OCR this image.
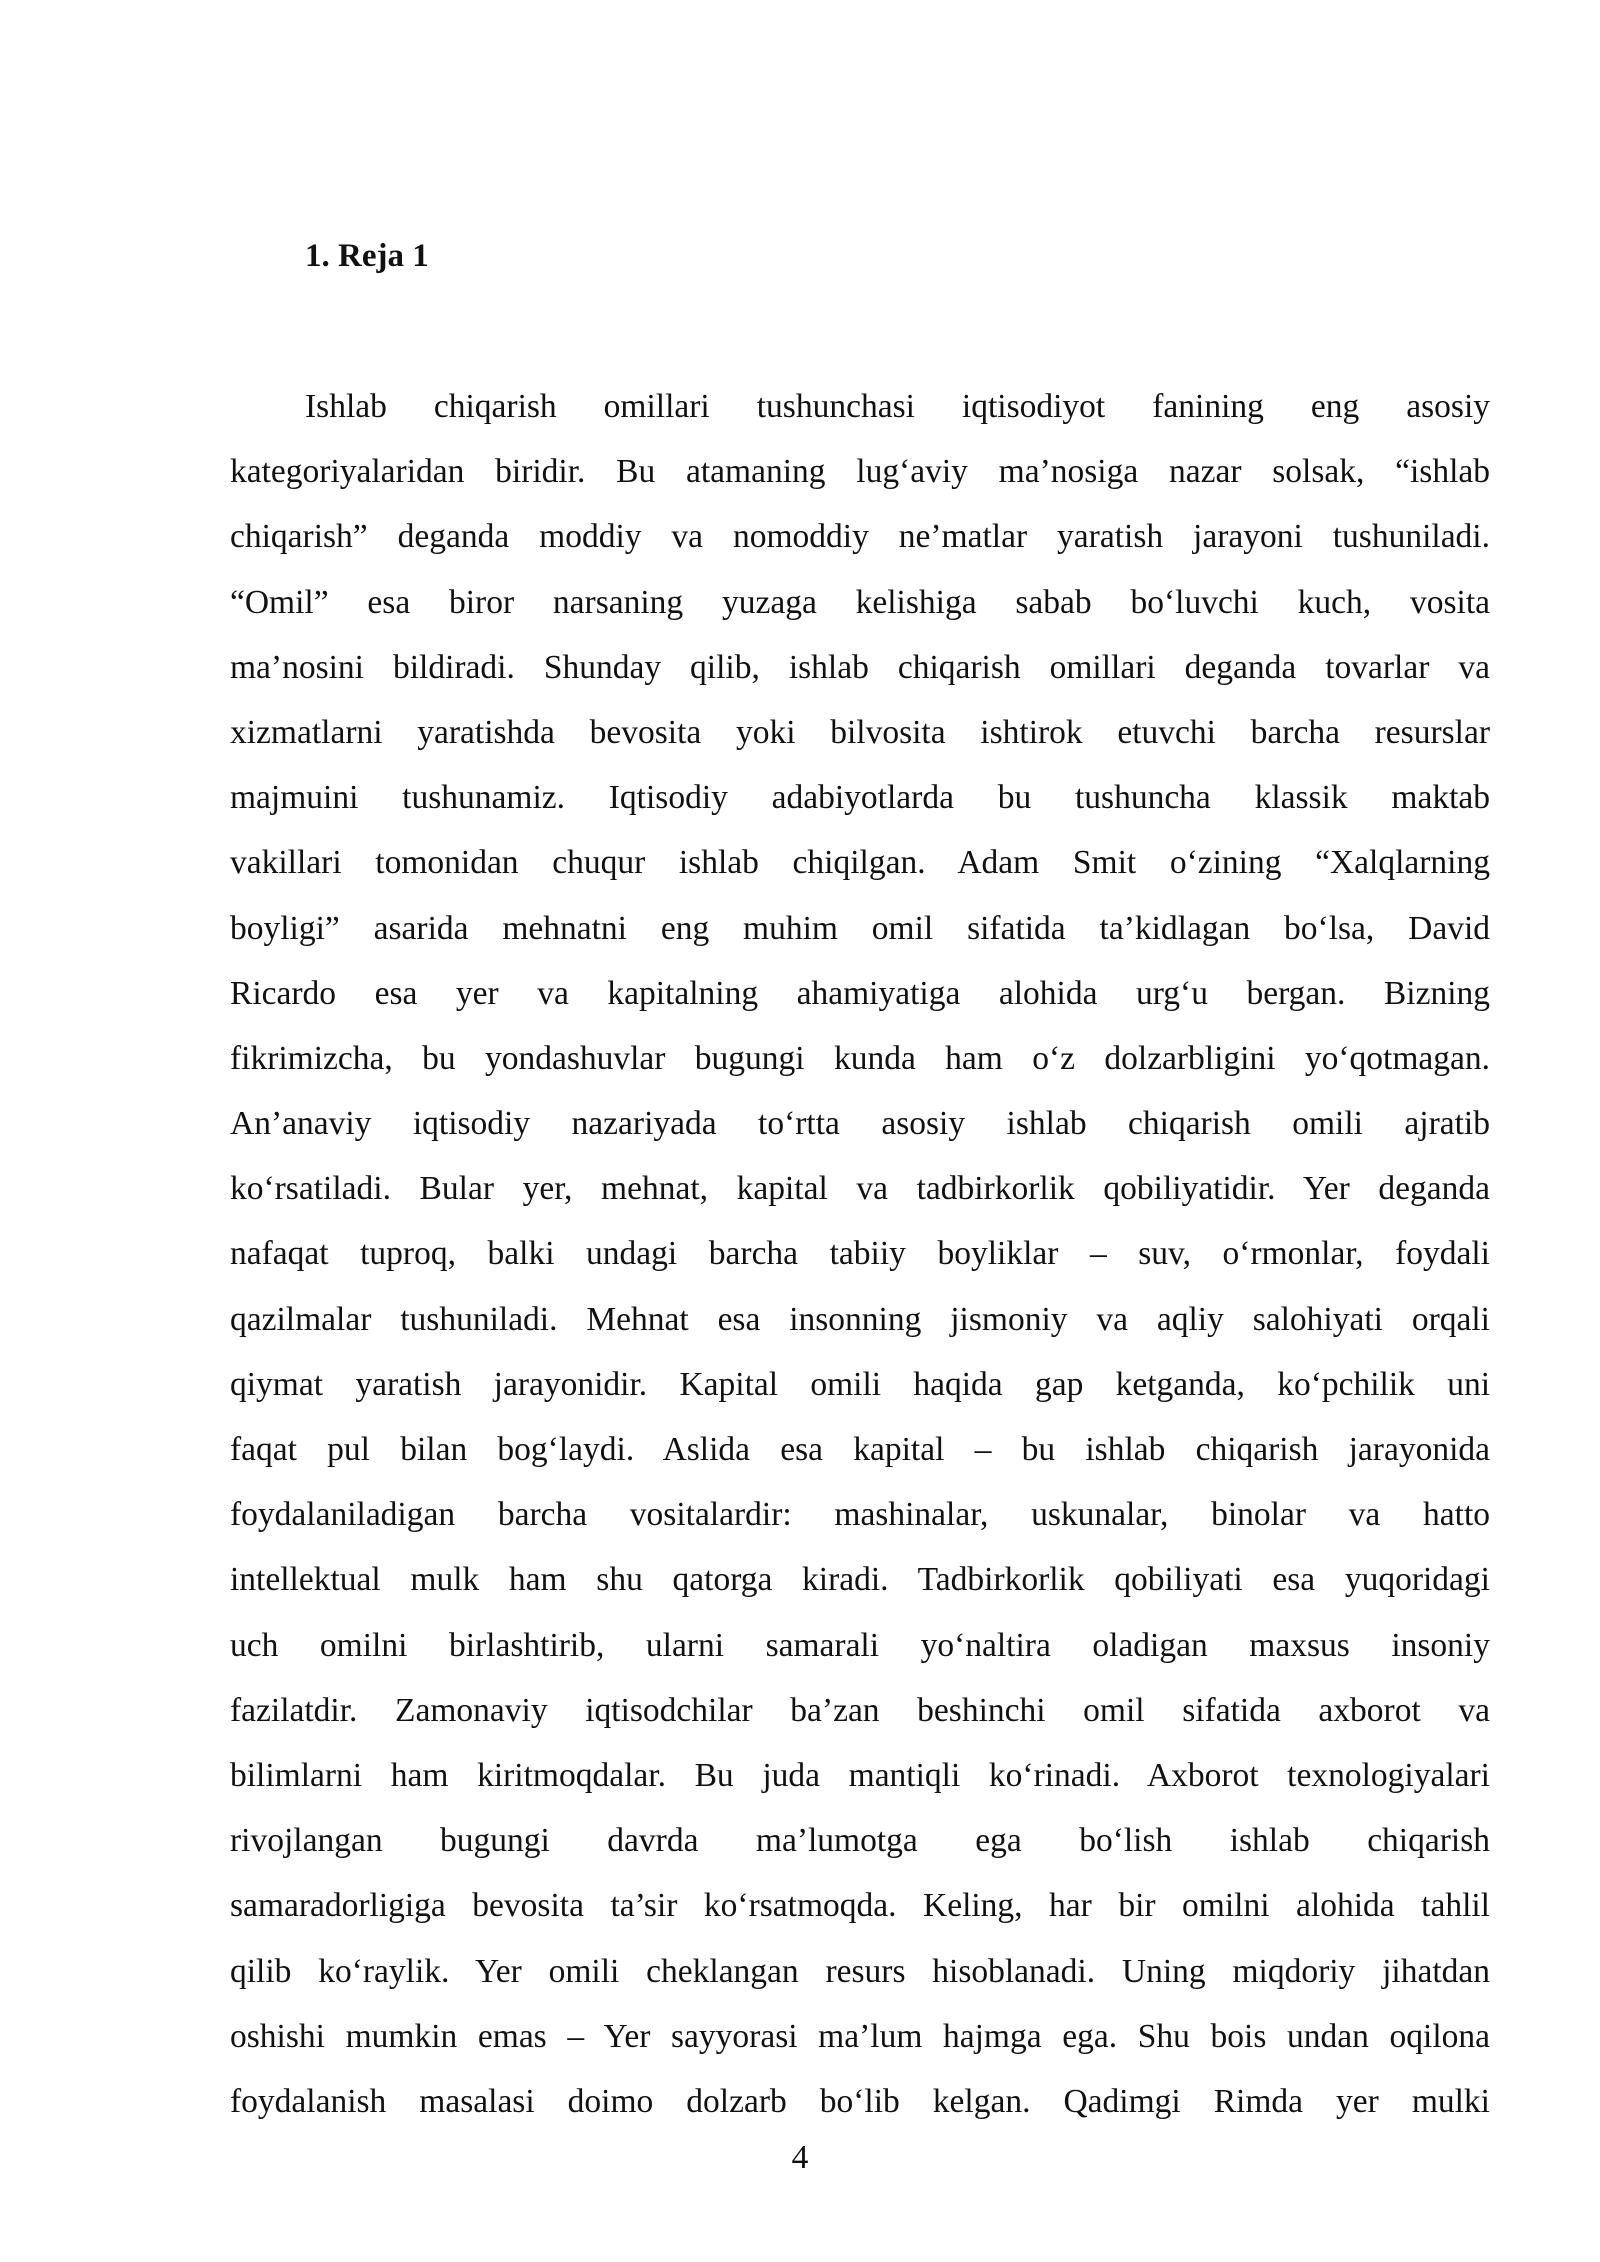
1. Reja 1
Ishlab chiqarish omillari tushunchasi iqtisodiyot fanining eng asosiy
kategoriyalaridan biridir. Bu atamaning lug‘aviy ma’nosiga nazar solsak, “ishlab
chiqarish” deganda moddiy va nomoddiy ne’matlar yaratish jarayoni tushuniladi.
“Omil” esa biror narsaning yuzaga kelishiga sabab bo‘luvchi kuch, vosita
ma’nosini bildiradi. Shunday qilib, ishlab chiqarish omillari deganda tovarlar va
xizmatlarni yaratishda bevosita yoki bilvosita ishtirok etuvchi barcha resurslar
majmuini tushunamiz. Iqtisodiy adabiyotlarda bu tushuncha klassik maktab
vakillari tomonidan chuqur ishlab chiqilgan. Adam Smit o‘zining “Xalqlarning
boyligi” asarida mehnatni eng muhim omil sifatida ta’kidlagan bo‘lsa, David
Ricardo esa yer va kapitalning ahamiyatiga alohida urg‘u bergan. Bizning
fikrimizcha, bu yondashuvlar bugungi kunda ham o‘z dolzarbligini yo‘qotmagan.
An’anaviy iqtisodiy nazariyada to‘rtta asosiy ishlab chiqarish omili ajratib
ko‘rsatiladi. Bular yer, mehnat, kapital va tadbirkorlik qobiliyatidir. Yer deganda
nafaqat tuproq, balki undagi barcha tabiiy boyliklar – suv, o‘rmonlar, foydali
qazilmalar tushuniladi. Mehnat esa insonning jismoniy va aqliy salohiyati orqali
qiymat yaratish jarayonidir. Kapital omili haqida gap ketganda, ko‘pchilik uni
faqat pul bilan bog‘laydi. Aslida esa kapital – bu ishlab chiqarish jarayonida
foydalaniladigan barcha vositalardir: mashinalar, uskunalar, binolar va hatto
intellektual mulk ham shu qatorga kiradi. Tadbirkorlik qobiliyati esa yuqoridagi
uch omilni birlashtirib, ularni samarali yo‘naltira oladigan maxsus insoniy
fazilatdir. Zamonaviy iqtisodchilar ba’zan beshinchi omil sifatida axborot va
bilimlarni ham kiritmoqdalar. Bu juda mantiqli ko‘rinadi. Axborot texnologiyalari
rivojlangan bugungi davrda ma’lumotga ega bo‘lish ishlab chiqarish
samaradorligiga bevosita ta’sir ko‘rsatmoqda. Keling, har bir omilni alohida tahlil
qilib ko‘raylik. Yer omili cheklangan resurs hisoblanadi. Uning miqdoriy jihatdan
oshishi mumkin emas – Yer sayyorasi ma’lum hajmga ega. Shu bois undan oqilona
foydalanish masalasi doimo dolzarb bo‘lib kelgan. Qadimgi Rimda yer mulki

4
